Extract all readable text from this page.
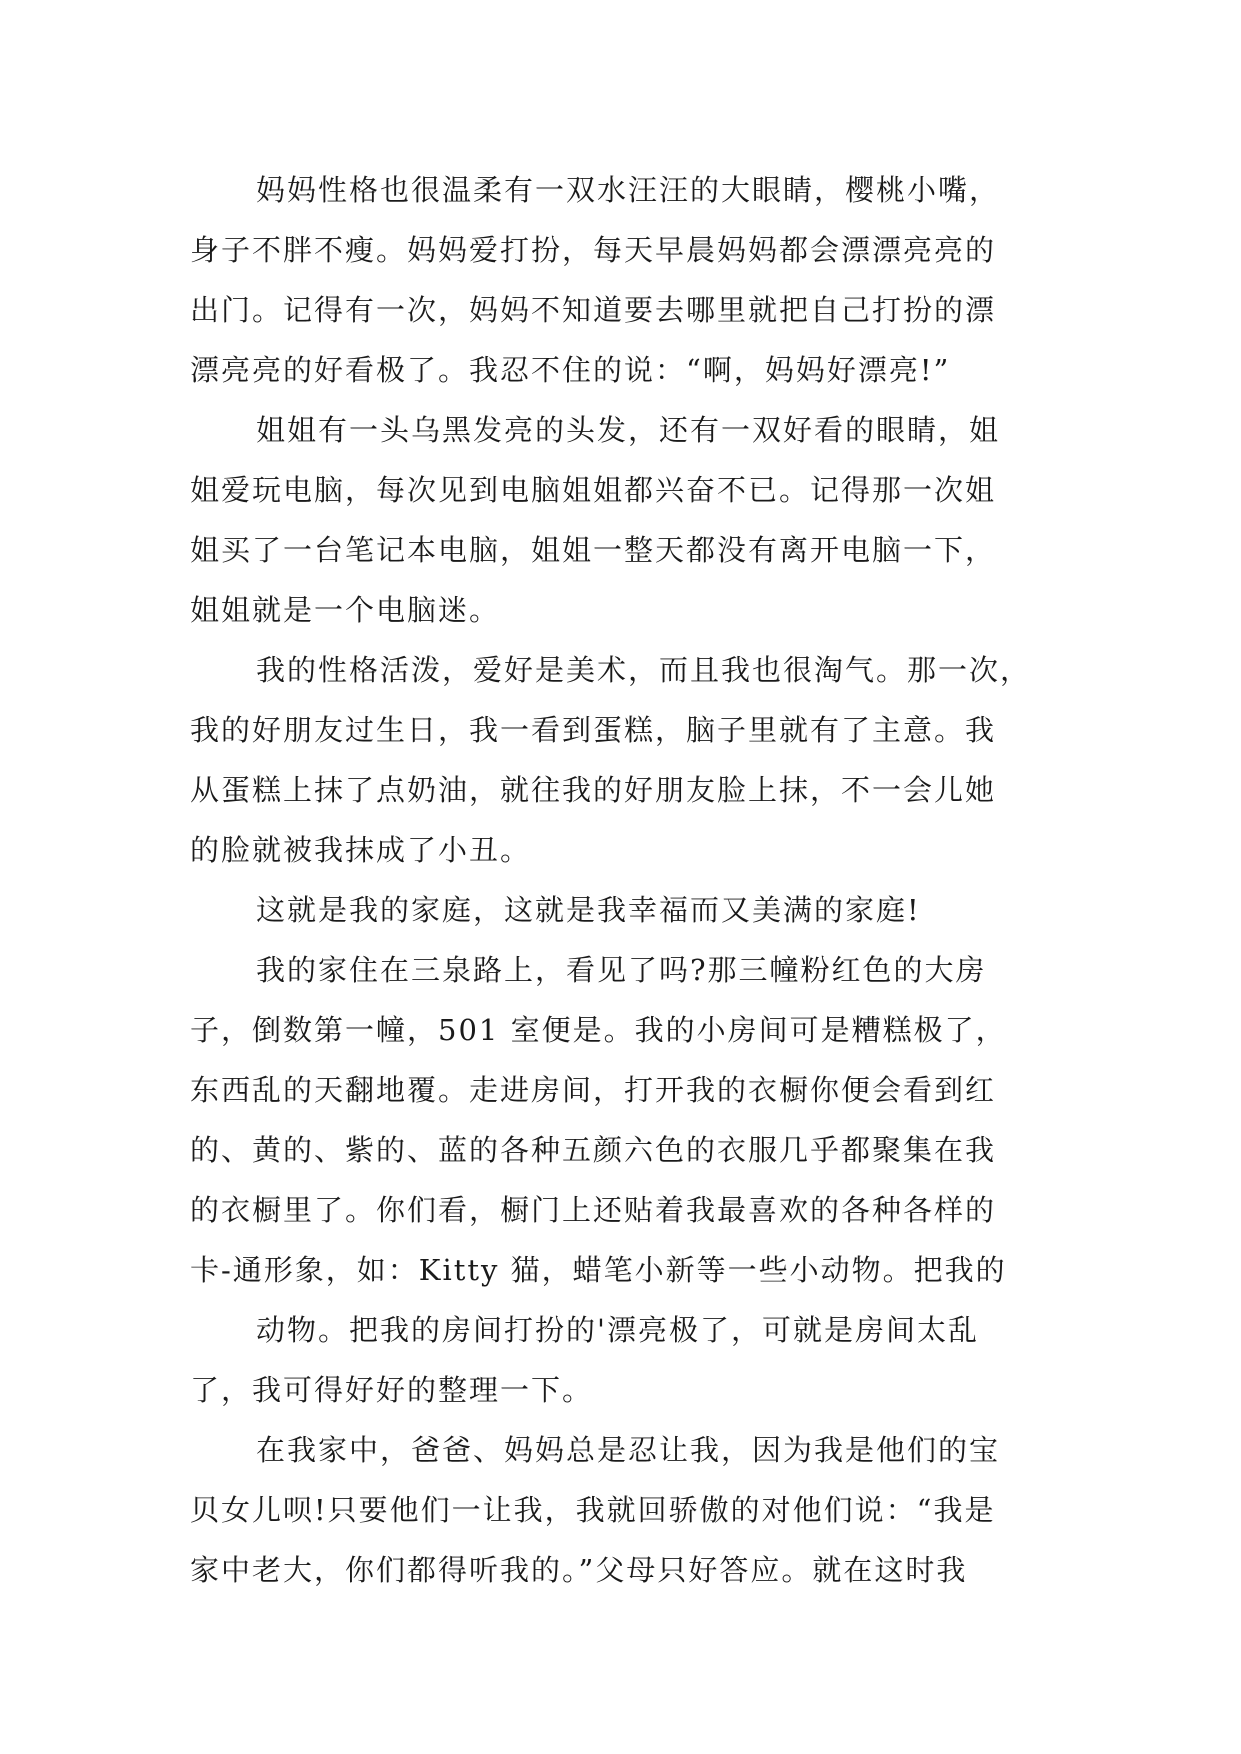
妈妈性格也很温柔有一双水汪汪的大眼睛，樱桃小嘴，
身子不胖不瘦。妈妈爱打扮，每天早晨妈妈都会漂漂亮亮的
出门。记得有一次，妈妈不知道要去哪里就把自己打扮的漂
漂亮亮的好看极了。我忍不住的说：“啊，妈妈好漂亮!”
姐姐有一头乌黑发亮的头发，还有一双好看的眼睛，姐
姐爱玩电脑，每次见到电脑姐姐都兴奋不已。记得那一次姐
姐买了一台笔记本电脑，姐姐一整天都没有离开电脑一下，
姐姐就是一个电脑迷。
我的性格活泼，爱好是美术，而且我也很淘气。那一次，
我的好朋友过生日，我一看到蛋糕，脑子里就有了主意。我
从蛋糕上抹了点奶油，就往我的好朋友脸上抹，不一会儿她
的脸就被我抹成了小丑。
这就是我的家庭，这就是我幸福而又美满的家庭!
我的家住在三泉路上，看见了吗?那三幢粉红色的大房
子，倒数第一幢，501 室便是。我的小房间可是糟糕极了，
东西乱的天翻地覆。走进房间，打开我的衣橱你便会看到红
的、黄的、紫的、蓝的各种五颜六色的衣服几乎都聚集在我
的衣橱里了。你们看，橱门上还贴着我最喜欢的各种各样的
卡-通形象，如：Kitty 猫，蜡笔小新等一些小动物。把我的
动物。把我的房间打扮的'漂亮极了，可就是房间太乱
了，我可得好好的整理一下。
在我家中，爸爸、妈妈总是忍让我，因为我是他们的宝
贝女儿呗!只要他们一让我，我就回骄傲的对他们说：“我是
家中老大，你们都得听我的。”父母只好答应。就在这时我
